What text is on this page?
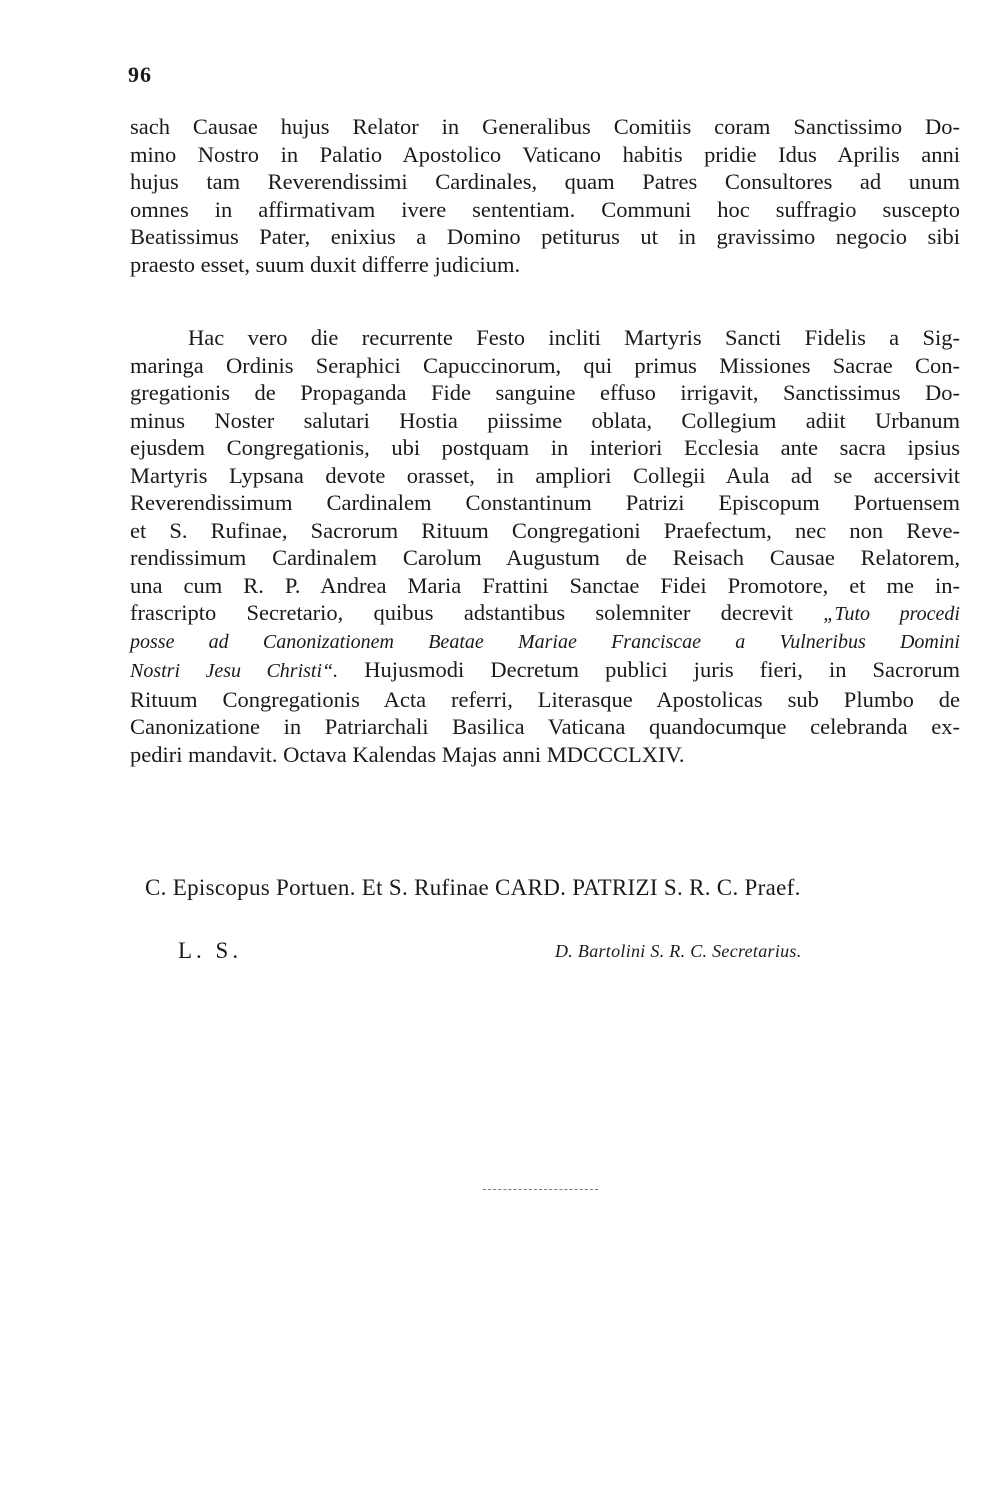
96
sach Causae hujus Relator in Generalibus Comitiis coram Sanctissimo Do-
mino Nostro in Palatio Apostolico Vaticano habitis pridie Idus Aprilis anni
hujus tam Reverendissimi Cardinales, quam Patres Consultores ad unum
omnes in affirmativam ivere sententiam. Communi hoc suffragio suscepto
Beatissimus Pater, enixius a Domino petiturus ut in gravissimo negocio sibi
praesto esset, suum duxit differre judicium.
Hac vero die recurrente Festo incliti Martyris Sancti Fidelis a Sig-
maringa Ordinis Seraphici Capuccinorum, qui primus Missiones Sacrae Con-
gregationis de Propaganda Fide sanguine effuso irrigavit, Sanctissimus Do-
minus Noster salutari Hostia piissime oblata, Collegium adiit Urbanum
ejusdem Congregationis, ubi postquam in interiori Ecclesia ante sacra ipsius
Martyris Lypsana devote orasset, in ampliori Collegii Aula ad se accersivit
Reverendissimum Cardinalem Constantinum Patrizi Episcopum Portuensem
et S. Rufinae, Sacrorum Rituum Congregationi Praefectum, nec non Reve-
rendissimum Cardinalem Carolum Augustum de Reisach Causae Relatorem,
una cum R. P. Andrea Maria Frattini Sanctae Fidei Promotore, et me in-
frascripto Secretario, quibus adstantibus solemniter decrevit „Tuto procedi
posse ad Canonizationem Beatae Mariae Franciscae a Vulneribus Domini
Nostri Jesu Christi“. Hujusmodi Decretum publici juris fieri, in Sacrorum
Rituum Congregationis Acta referri, Literasque Apostolicas sub Plumbo de
Canonizatione in Patriarchali Basilica Vaticana quandocumque celebranda ex-
pediri mandavit. Octava Kalendas Majas anni MDCCCLXIV.
C. Episcopus Portuen. Et S. Rufinae CARD. PATRIZI S. R. C. Praef.
L. S.	D. Bartolini S. R. C. Secretarius.
